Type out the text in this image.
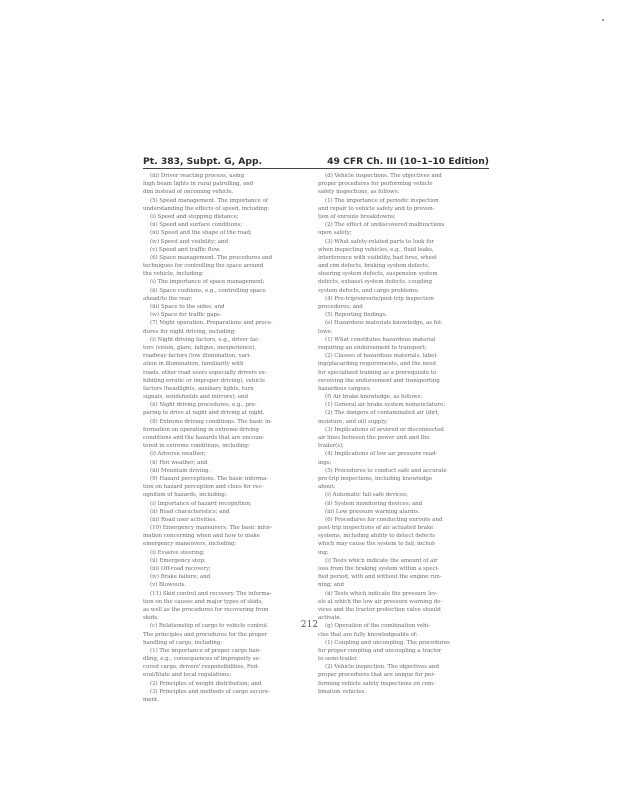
Pt. 383, Subpt. G, App.	49 CFR Ch. III (10–1–10 Edition)
(iii) Driver reacting process, using
high beam lights in rural patrolling, and
dim instead of oncoming vehicle.
(5) Speed management. The importance of
understanding the effects of speed, including:
(i) Speed and stopping distance;
(ii) Speed and surface conditions;
(iii) Speed and the shape of the road;
(iv) Speed and visibility; and
(v) Speed and traffic flow.
(6) Space management. The procedures and
techniques for controlling the space around
the vehicle, including:
(i) The importance of space management;
(ii) Space cushions, e.g., controlling space
ahead/to the rear;
(iii) Space to the sides; and
(iv) Space for traffic gaps.
(7) Night operation. Preparations and proce-
dures for night driving, including:
(i) Night driving factors, e.g., driver fac-
tors (vision, glare, fatigue, inexperience),
roadway factors (low illumination, vari-
ation in illumination, familiarity with
roads, other road users especially drivers ex-
hibiting erratic or improper driving), vehicle
factors (headlights, auxiliary lights, turn
signals, windshields and mirrors); and
(ii) Night driving procedures, e.g., pre-
paring to drive at night and driving at night.
(8) Extreme driving conditions. The basic in-
formation on operating in extreme driving
conditions and the hazards that are encoun-
tered in extreme conditions, including:
(i) Adverse weather;
(ii) Hot weather; and
(iii) Mountain driving.
(9) Hazard perceptions. The basic informa-
tion on hazard perception and clues for rec-
ognition of hazards, including:
(i) Importance of hazard recognition;
(ii) Road characteristics; and
(iii) Road user activities.
(10) Emergency maneuvers. The basic infor-
mation concerning when and how to make
emergency maneuvers, including:
(i) Evasive steering;
(ii) Emergency stop;
(iii) Off-road recovery;
(iv) Brake failure; and
(v) Blowouts.
(11) Skid control and recovery. The informa-
tion on the causes and major types of skids,
as well as the procedures for recovering from
skids.
(c) Relationship of cargo to vehicle control.
The principles and procedures for the proper
handling of cargo, including:
(1) The importance of proper cargo han-
dling, e.g., consequences of improperly se-
cured cargo, drivers' responsibilities, Fed-
eral/State and local regulations;
(2) Principles of weight distribution; and
(3) Principles and methods of cargo secure-
ment.
(d) Vehicle inspections. The objectives and
proper procedures for performing vehicle
safety inspections, as follows:
(1) The importance of periodic inspection
and repair to vehicle safety and to preven-
tion of enroute breakdowns;
(2) The effect of undiscovered malfunctions
upon safety;
(3) What safety-related parts to look for
when inspecting vehicles, e.g., fluid leaks,
interference with visibility, bad tires, wheel
and rim defects, braking system defects,
steering system defects, suspension system
defects, exhaust system defects, coupling
system defects, and cargo problems;
(4) Pre-trip/enroute/post-trip inspection
procedures; and
(5) Reporting findings.
(e) Hazardous materials knowledge, as fol-
lows:
(1) What constitutes hazardous material
requiring an endorsement to transport;
(2) Classes of hazardous materials, label-
ing/placarding requirements, and the need
for specialized training as a prerequisite to
receiving the endorsement and transporting
hazardous cargoes.
(f) Air brake knowledge, as follows:
(1) General air brake system nomenclature;
(2) The dangers of contaminated air (dirt,
moisture, and oil) supply;
(3) Implications of severed or disconnected
air lines between the power unit and the
trailer(s);
(4) Implications of low air pressure read-
ings;
(5) Procedures to conduct safe and accurate
pre-trip inspections, including knowledge
about:
(i) Automatic fail-safe devices;
(ii) System monitoring devices; and
(iii) Low pressure warning alarms.
(6) Procedures for conducting enroute and
post-trip inspections of air actuated brake
systems, including ability to detect defects
which may cause the system to fail, includ-
ing:
(i) Tests which indicate the amount of air
loss from the braking system within a speci-
fied period, with and without the engine run-
ning; and
(ii) Tests which indicate the pressure lev-
els at which the low air pressure warning de-
vices and the tractor protection valve should
activate.
(g) Operation of the combination vehi-
cles that are fully knowledgeable of:
(1) Coupling and uncoupling. The procedures
for proper coupling and uncoupling a tractor
to semi-trailer.
(2) Vehicle inspection. The objectives and
proper procedures that are unique for per-
forming vehicle safety inspections on com-
bination vehicles.
212
